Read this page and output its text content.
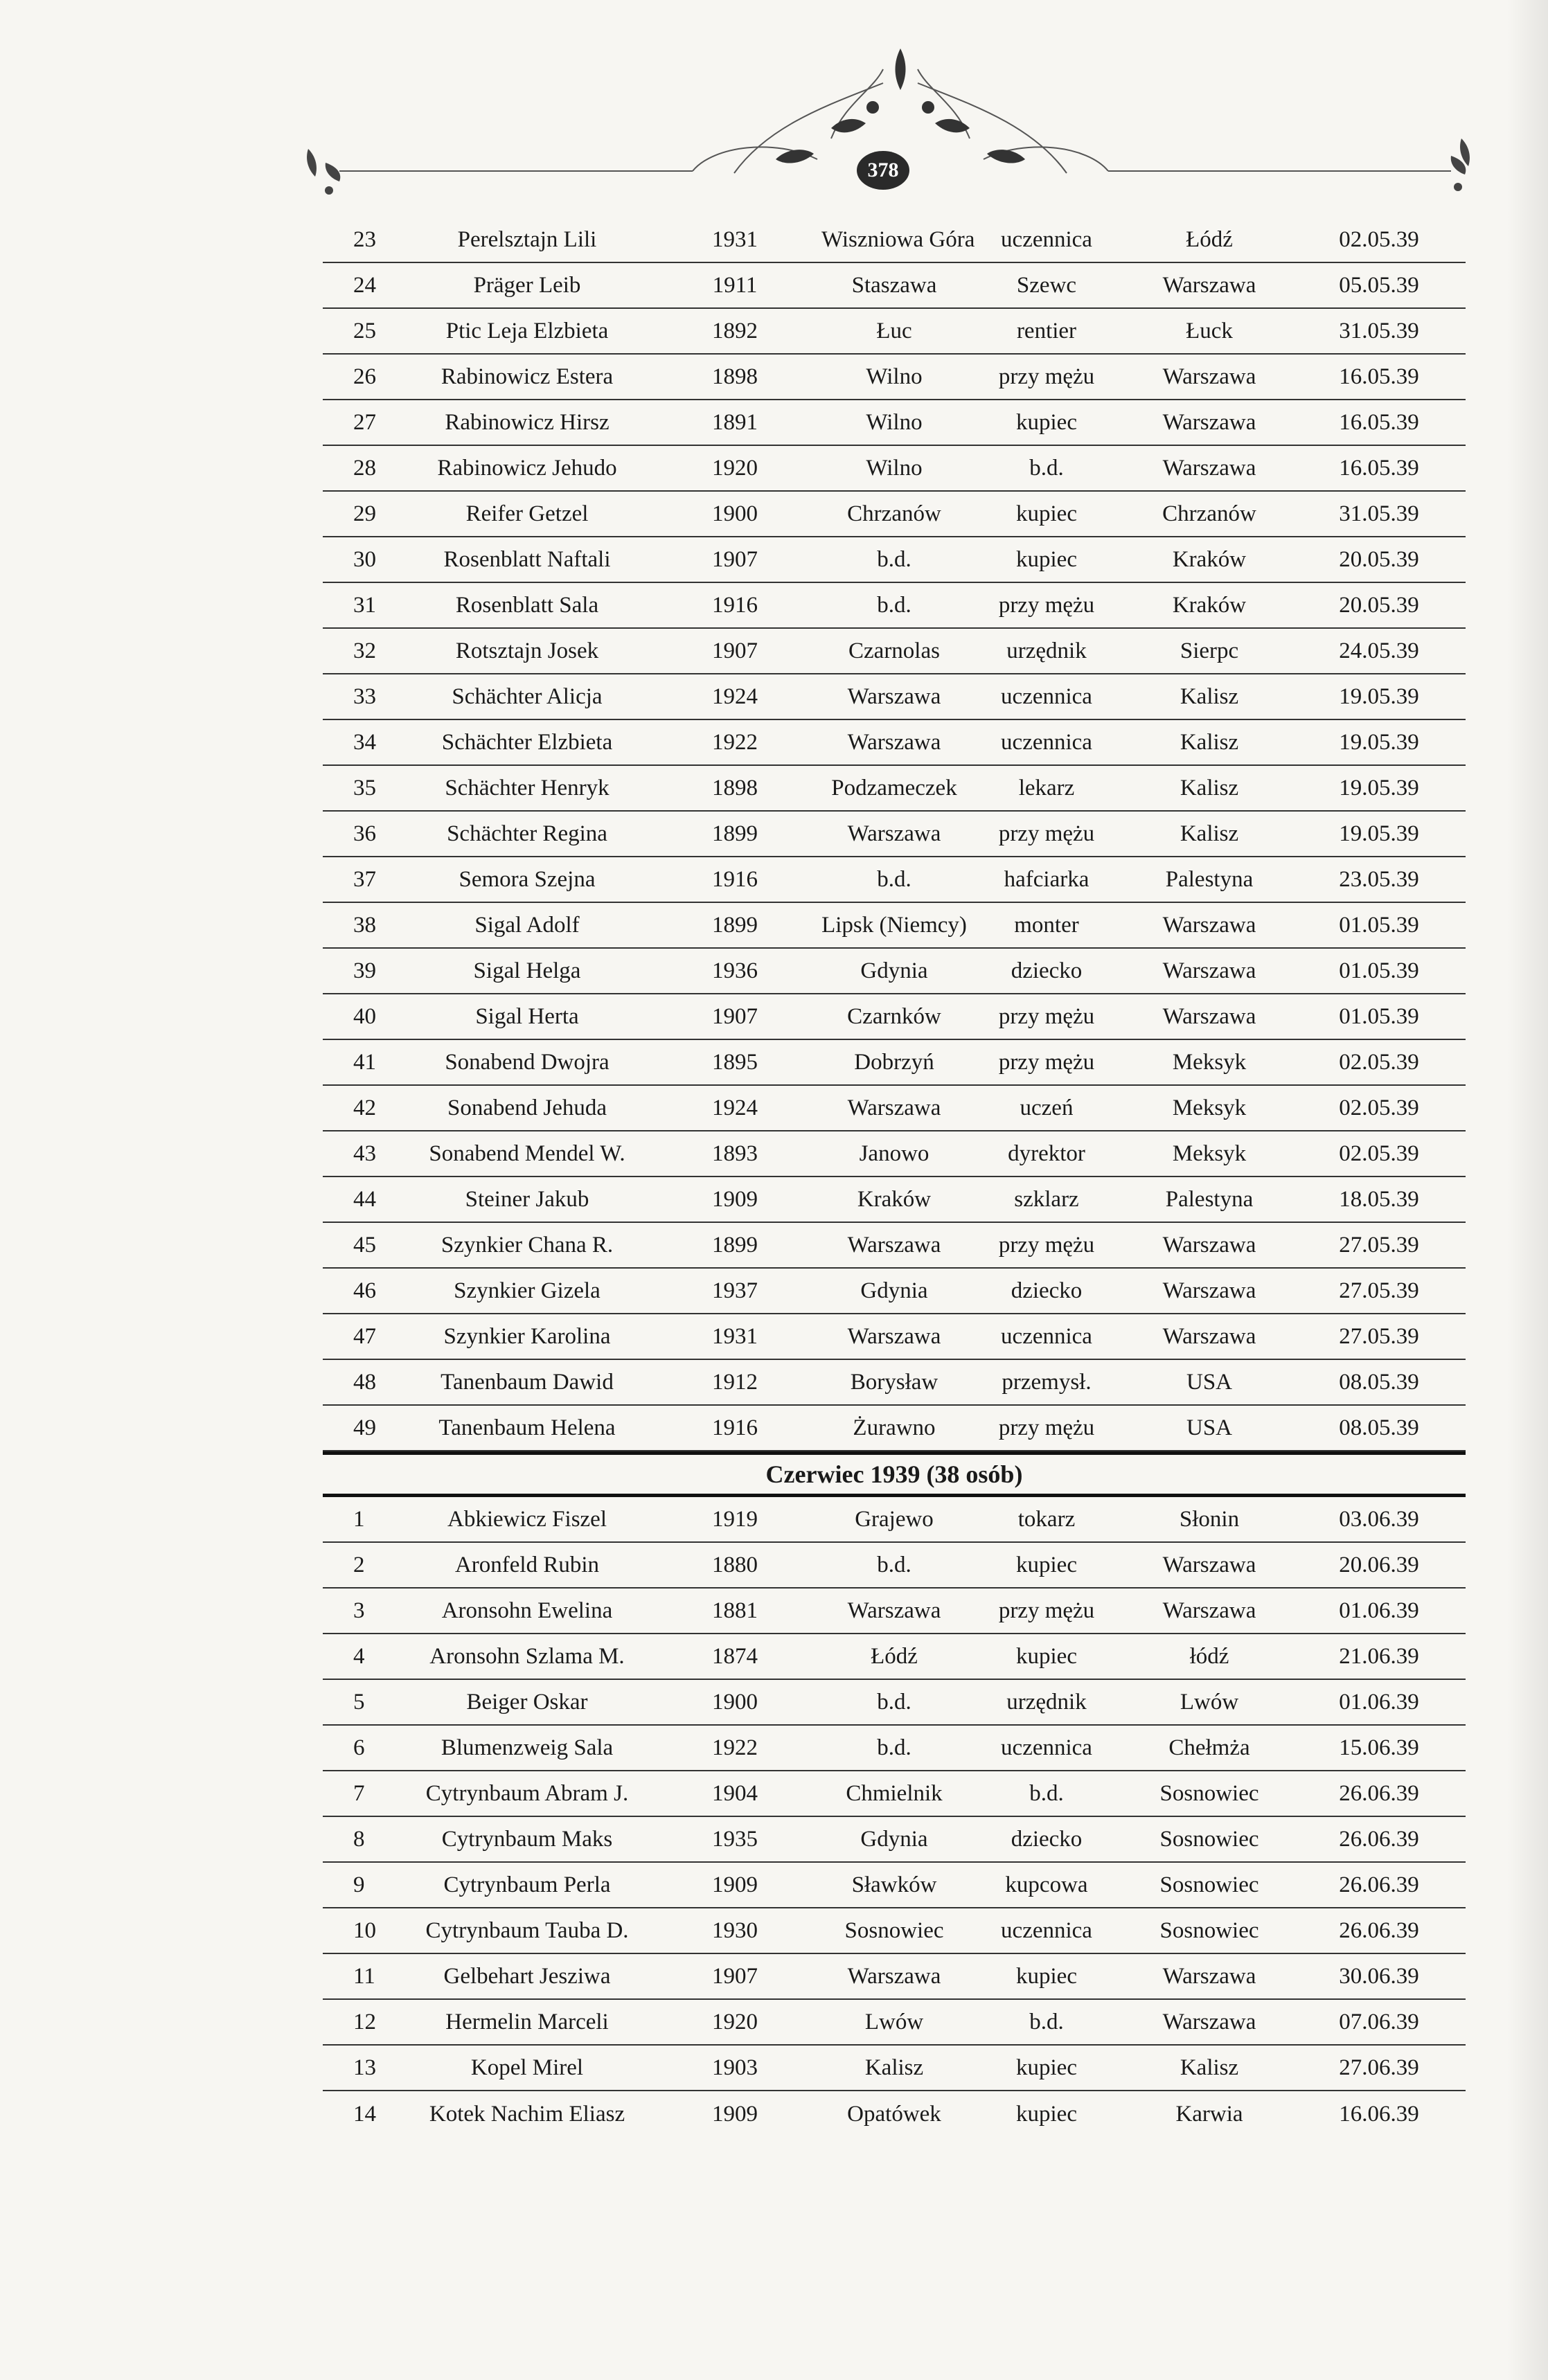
378
23	Perelsztajn Lili	1931	Wiszniowa Góra	uczennica	Łódź	02.05.39
24	Präger Leib	1911	Staszawa	Szewc	Warszawa	05.05.39
25	Ptic Leja Elzbieta	1892	Łuc	rentier	Łuck	31.05.39
26	Rabinowicz Estera	1898	Wilno	przy mężu	Warszawa	16.05.39
27	Rabinowicz Hirsz	1891	Wilno	kupiec	Warszawa	16.05.39
28	Rabinowicz Jehudo	1920	Wilno	b.d.	Warszawa	16.05.39
29	Reifer Getzel	1900	Chrzanów	kupiec	Chrzanów	31.05.39
30	Rosenblatt Naftali	1907	b.d.	kupiec	Kraków	20.05.39
31	Rosenblatt Sala	1916	b.d.	przy mężu	Kraków	20.05.39
32	Rotsztajn Josek	1907	Czarnolas	urzędnik	Sierpc	24.05.39
33	Schächter Alicja	1924	Warszawa	uczennica	Kalisz	19.05.39
34	Schächter Elzbieta	1922	Warszawa	uczennica	Kalisz	19.05.39
35	Schächter Henryk	1898	Podzameczek	lekarz	Kalisz	19.05.39
36	Schächter Regina	1899	Warszawa	przy mężu	Kalisz	19.05.39
37	Semora Szejna	1916	b.d.	hafciarka	Palestyna	23.05.39
38	Sigal Adolf	1899	Lipsk (Niemcy)	monter	Warszawa	01.05.39
39	Sigal Helga	1936	Gdynia	dziecko	Warszawa	01.05.39
40	Sigal Herta	1907	Czarnków	przy mężu	Warszawa	01.05.39
41	Sonabend Dwojra	1895	Dobrzyń	przy mężu	Meksyk	02.05.39
42	Sonabend Jehuda	1924	Warszawa	uczeń	Meksyk	02.05.39
43	Sonabend Mendel W.	1893	Janowo	dyrektor	Meksyk	02.05.39
44	Steiner Jakub	1909	Kraków	szklarz	Palestyna	18.05.39
45	Szynkier Chana R.	1899	Warszawa	przy mężu	Warszawa	27.05.39
46	Szynkier Gizela	1937	Gdynia	dziecko	Warszawa	27.05.39
47	Szynkier Karolina	1931	Warszawa	uczennica	Warszawa	27.05.39
48	Tanenbaum Dawid	1912	Borysław	przemysł.	USA	08.05.39
49	Tanenbaum Helena	1916	Żurawno	przy mężu	USA	08.05.39
Czerwiec 1939 (38 osób)
1	Abkiewicz Fiszel	1919	Grajewo	tokarz	Słonin	03.06.39
2	Aronfeld Rubin	1880	b.d.	kupiec	Warszawa	20.06.39
3	Aronsohn Ewelina	1881	Warszawa	przy mężu	Warszawa	01.06.39
4	Aronsohn Szlama M.	1874	Łódź	kupiec	łódź	21.06.39
5	Beiger Oskar	1900	b.d.	urzędnik	Lwów	01.06.39
6	Blumenzweig Sala	1922	b.d.	uczennica	Chełmża	15.06.39
7	Cytrynbaum Abram J.	1904	Chmielnik	b.d.	Sosnowiec	26.06.39
8	Cytrynbaum Maks	1935	Gdynia	dziecko	Sosnowiec	26.06.39
9	Cytrynbaum Perla	1909	Sławków	kupcowa	Sosnowiec	26.06.39
10	Cytrynbaum Tauba D.	1930	Sosnowiec	uczennica	Sosnowiec	26.06.39
11	Gelbehart Jesziwa	1907	Warszawa	kupiec	Warszawa	30.06.39
12	Hermelin Marceli	1920	Lwów	b.d.	Warszawa	07.06.39
13	Kopel Mirel	1903	Kalisz	kupiec	Kalisz	27.06.39
14	Kotek Nachim Eliasz	1909	Opatówek	kupiec	Karwia	16.06.39
